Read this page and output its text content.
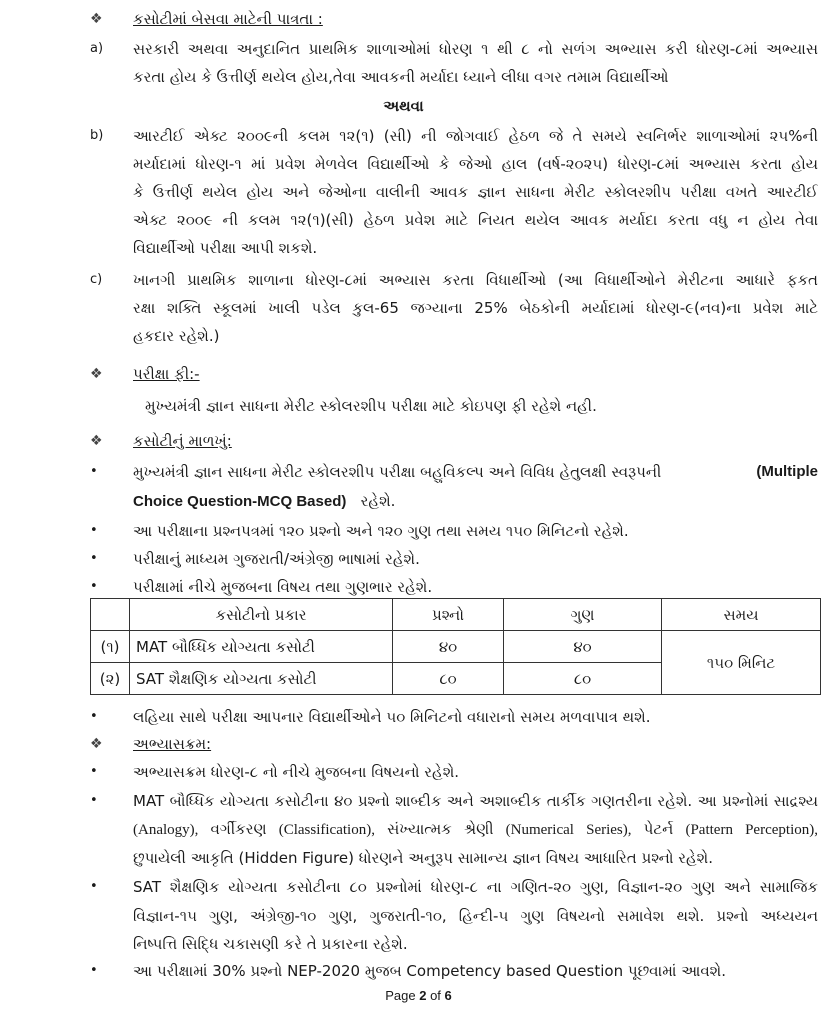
❖	કસોટીમાં બેસવા માટેની પાત્રતા :
a)	સરકારી અથવા અનુદાનિત પ્રાથમિક શાળાઓમાં ધોરણ ૧ થી ૮ નો સળંગ અભ્યાસ કરી ધોરણ-૮માં અભ્યાસ
કરતા હોય કે ઉત્તીર્ણ થયેલ હોય,તેવા આવકની મર્યાદા ધ્યાને લીધા વગર તમામ વિદ્યાર્થીઓ
અથવા
b)	આરટીઈ એક્ટ ૨૦૦૯ની કલમ ૧૨(૧) (સી) ની જોગવાઈ હેઠળ જે તે સમયે સ્વનિર્ભર શાળાઓમાં ૨૫%ની
મર્યાદામાં ધોરણ-૧ માં પ્રવેશ મેળવેલ વિદ્યાર્થીઓ કે જેઓ હાલ (વર્ષ-૨૦૨૫) ધોરણ-૮માં અભ્યાસ કરતા હોય
કે ઉત્તીર્ણ થયેલ હોય અને જેઓના વાલીની આવક જ્ઞાન સાધના મેરીટ સ્કોલરશીપ પરીક્ષા વખતે આરટીઈ
એક્ટ ૨૦૦૯ ની કલમ ૧૨(૧)(સી) હેઠળ પ્રવેશ માટે નિયત થયેલ આવક મર્યાદા કરતા વધુ ન હોય તેવા
વિદ્યાર્થીઓ પરીક્ષા આપી શકશે.
c)	ખાનગી પ્રાથમિક શાળાના ધોરણ-૮માં અભ્યાસ કરતા વિધાર્થીઓ (આ વિધાર્થીઓને મેરીટના આધારે ફકત
રક્ષા શક્તિ સ્કૂલમાં ખાલી પડેલ કુલ-65 જગ્યાના 25% બેઠકોની મર્યાદામાં ધોરણ-૯(નવ)ના પ્રવેશ માટે
હકદાર રહેશે.)
❖	પરીક્ષા ફી:-
મુખ્યમંત્રી જ્ઞાન સાધના મેરીટ સ્કોલરશીપ પરીક્ષા માટે કોઇપણ ફી રહેશે નહી.
❖	કસોટીનું માળખું:
•	મુખ્યમંત્રી જ્ઞાન સાધના મેરીટ સ્કોલરશીપ પરીક્ષા બહુવિકલ્પ અને વિવિધ હેતુલક્ષી સ્વરૂપની	(Multiple
Choice Question-MCQ Based) રહેશે.
•	આ પરીક્ષાના પ્રશ્નપત્રમાં ૧૨૦ પ્રશ્નો અને ૧૨૦ ગુણ તથા સમય ૧૫૦ મિનિટનો રહેશે.
•	પરીક્ષાનું માધ્યમ ગુજરાતી/અંગ્રેજી ભાષામાં રહેશે.
•	પરીક્ષામાં નીચે મુજબના વિષય તથા ગુણભાર રહેશે.
	કસોટીનો પ્રકાર	પ્રશ્નો	ગુણ	સમય
(૧)	MAT બૌધ્ધિક યોગ્યતા કસોટી	૪૦	૪૦	૧૫૦ મિનિટ
(૨)	SAT શૈક્ષણિક યોગ્યતા કસોટી	૮૦	૮૦	
•	લહિયા સાથે પરીક્ષા આપનાર વિદ્યાર્થીઓને ૫૦ મિનિટનો વધારાનો સમય મળવાપાત્ર થશે.
❖	અભ્યાસક્રમ:
•	અભ્યાસક્રમ ધોરણ-૮ નો નીચે મુજબના વિષયનો રહેશે.
•	MAT બૌધ્ધિક યોગ્યતા કસોટીના ૪૦ પ્રશ્નો શાબ્દીક અને અશાબ્દીક તાર્કીક ગણતરીના રહેશે. આ પ્રશ્નોમાં સાદ્રશ્ય
(Analogy), વર્ગીકરણ (Classification), સંખ્યાત્મક શ્રેણી (Numerical Series), પેટર્ન (Pattern Perception),
છુપાયેલી આકૃતિ (Hidden Figure) ધોરણને અનુરૂપ સામાન્ય જ્ઞાન વિષય આધારિત પ્રશ્નો રહેશે.
•	SAT શૈક્ષણિક યોગ્યતા કસોટીના ૮૦ પ્રશ્નોમાં ધોરણ-૮ ના ગણિત-૨૦ ગુણ, વિજ્ઞાન-૨૦ ગુણ અને સામાજિક
વિજ્ઞાન-૧૫ ગુણ, અંગ્રેજી-૧૦ ગુણ, ગુજરાતી-૧૦, હિન્દી-૫ ગુણ વિષયનો સમાવેશ થશે. પ્રશ્નો અધ્યયન
નિષ્પત્તિ સિદ્ધિ ચકાસણી કરે તે પ્રકારના રહેશે.
•	આ પરીક્ષામાં 30% પ્રશ્નો NEP-2020 મુજબ Competency based Question પૂછવામાં આવશે.
Page 2 of 6
